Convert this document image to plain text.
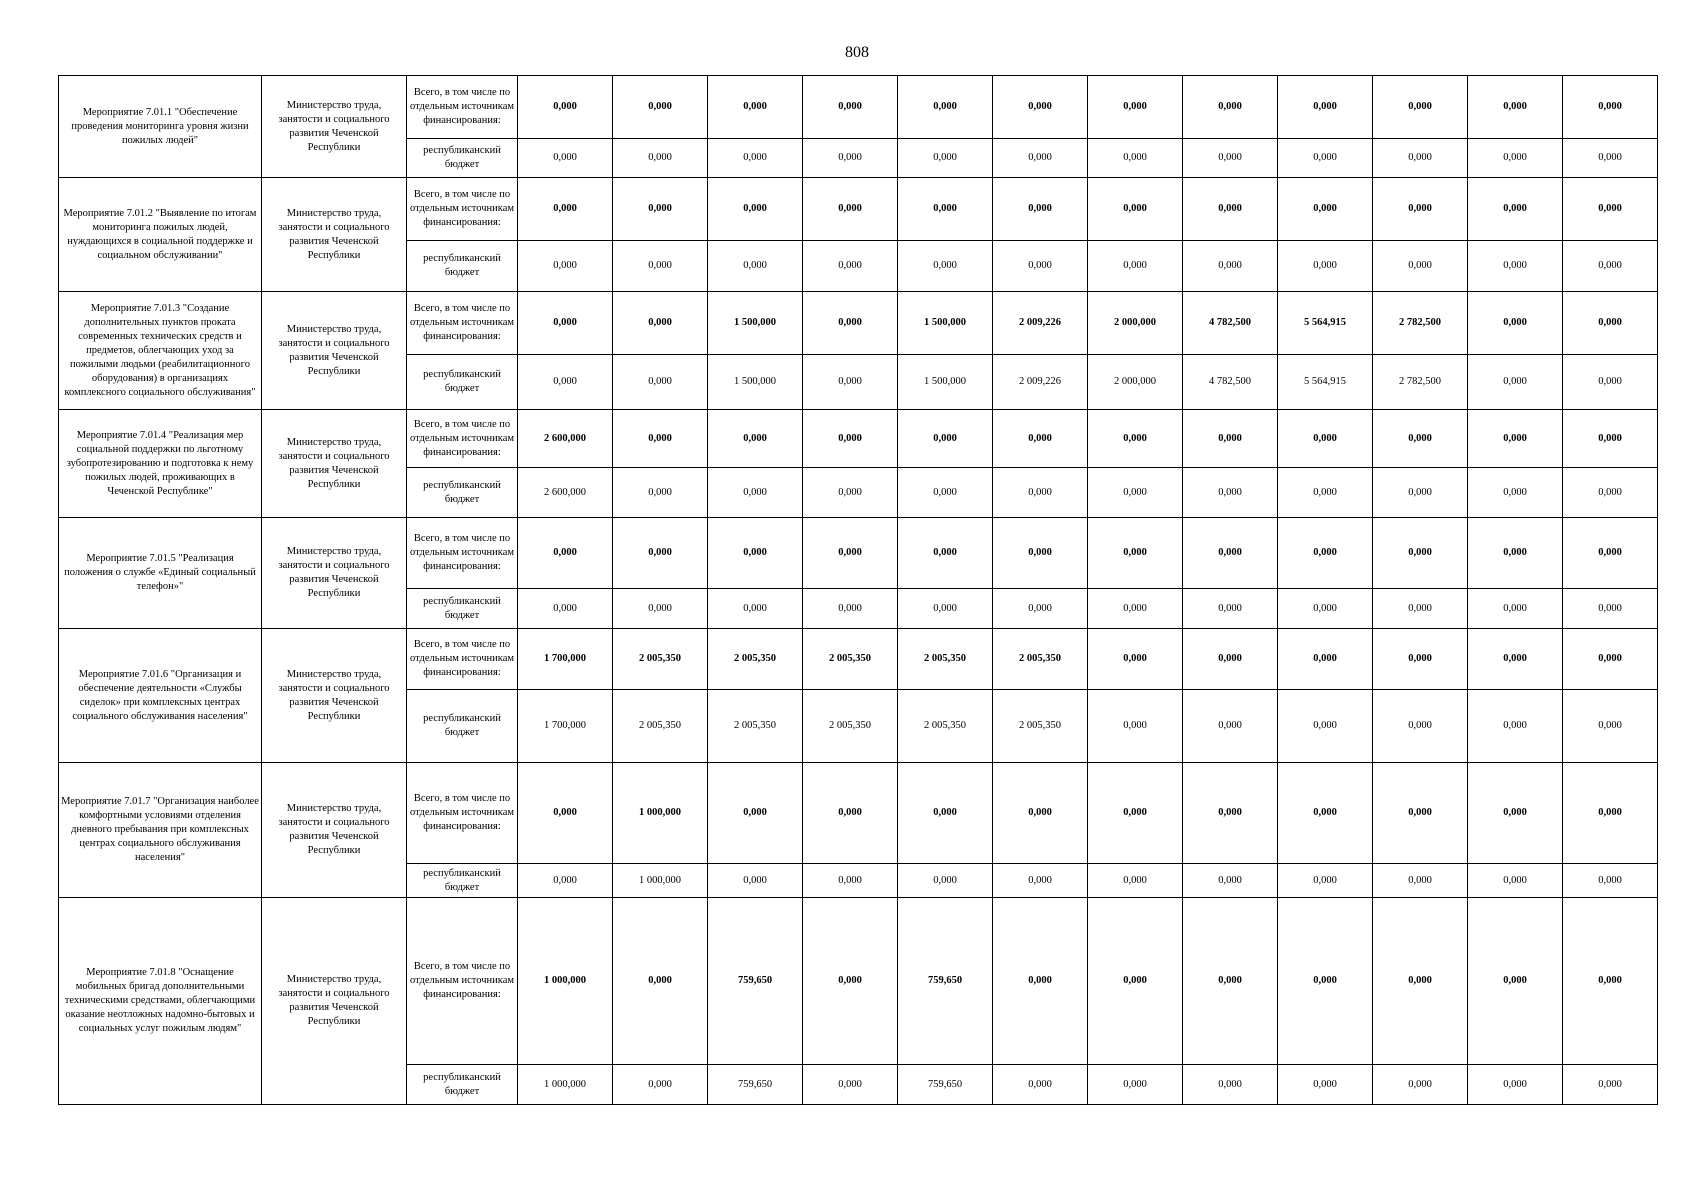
808
Мероприятие 7.01.1 "Обеспечение проведения мониторинга уровня жизни пожилых людей"	Министерство труда, занятости и социального развития Чеченской Республики	Всего, в том числе по отдельным источникам финансирования:	0,000	0,000	0,000	0,000	0,000	0,000	0,000	0,000	0,000	0,000	0,000	0,000
		республиканский бюджет	0,000	0,000	0,000	0,000	0,000	0,000	0,000	0,000	0,000	0,000	0,000	0,000
Мероприятие 7.01.2 "Выявление по итогам мониторинга пожилых людей, нуждающихся в социальной поддержке и социальном обслуживании"	Министерство труда, занятости и социального развития Чеченской Республики	Всего, в том числе по отдельным источникам финансирования:	0,000	0,000	0,000	0,000	0,000	0,000	0,000	0,000	0,000	0,000	0,000	0,000
		республиканский бюджет	0,000	0,000	0,000	0,000	0,000	0,000	0,000	0,000	0,000	0,000	0,000	0,000
Мероприятие 7.01.3 "Создание дополнительных пунктов проката современных технических средств и предметов, облегчающих уход за пожилыми людьми (реабилитационного оборудования) в организациях комплексного социального обслуживания"	Министерство труда, занятости и социального развития Чеченской Республики	Всего, в том числе по отдельным источникам финансирования:	0,000	0,000	1 500,000	0,000	1 500,000	2 009,226	2 000,000	4 782,500	5 564,915	2 782,500	0,000	0,000
		республиканский бюджет	0,000	0,000	1 500,000	0,000	1 500,000	2 009,226	2 000,000	4 782,500	5 564,915	2 782,500	0,000	0,000
Мероприятие 7.01.4 "Реализация мер социальной поддержки по льготному зубопротезированию и подготовка к нему пожилых людей, проживающих в Чеченской Республике"	Министерство труда, занятости и социального развития Чеченской Республики	Всего, в том числе по отдельным источникам финансирования:	2 600,000	0,000	0,000	0,000	0,000	0,000	0,000	0,000	0,000	0,000	0,000	0,000
		республиканский бюджет	2 600,000	0,000	0,000	0,000	0,000	0,000	0,000	0,000	0,000	0,000	0,000	0,000
Мероприятие 7.01.5 "Реализация положения о службе «Единый социальный телефон»"	Министерство труда, занятости и социального развития Чеченской Республики	Всего, в том числе по отдельным источникам финансирования:	0,000	0,000	0,000	0,000	0,000	0,000	0,000	0,000	0,000	0,000	0,000	0,000
		республиканский бюджет	0,000	0,000	0,000	0,000	0,000	0,000	0,000	0,000	0,000	0,000	0,000	0,000
Мероприятие 7.01.6 "Организация и обеспечение деятельности «Службы сиделок» при комплексных центрах социального обслуживания населения"	Министерство труда, занятости и социального развития Чеченской Республики	Всего, в том числе по отдельным источникам финансирования:	1 700,000	2 005,350	2 005,350	2 005,350	2 005,350	2 005,350	0,000	0,000	0,000	0,000	0,000	0,000
		республиканский бюджет	1 700,000	2 005,350	2 005,350	2 005,350	2 005,350	2 005,350	0,000	0,000	0,000	0,000	0,000	0,000
Мероприятие 7.01.7 "Организация наиболее комфортными условиями отделения дневного пребывания при комплексных центрах социального обслуживания населения"	Министерство труда, занятости и социального развития Чеченской Республики	Всего, в том числе по отдельным источникам финансирования:	0,000	1 000,000	0,000	0,000	0,000	0,000	0,000	0,000	0,000	0,000	0,000	0,000
		республиканский бюджет	0,000	1 000,000	0,000	0,000	0,000	0,000	0,000	0,000	0,000	0,000	0,000	0,000
Мероприятие 7.01.8 "Оснащение мобильных бригад дополнительными техническими средствами, облегчающими оказание неотложных надомно-бытовых и социальных услуг пожилым людям"	Министерство труда, занятости и социального развития Чеченской Республики	Всего, в том числе по отдельным источникам финансирования:	1 000,000	0,000	759,650	0,000	759,650	0,000	0,000	0,000	0,000	0,000	0,000	0,000
		республиканский бюджет	1 000,000	0,000	759,650	0,000	759,650	0,000	0,000	0,000	0,000	0,000	0,000	0,000
